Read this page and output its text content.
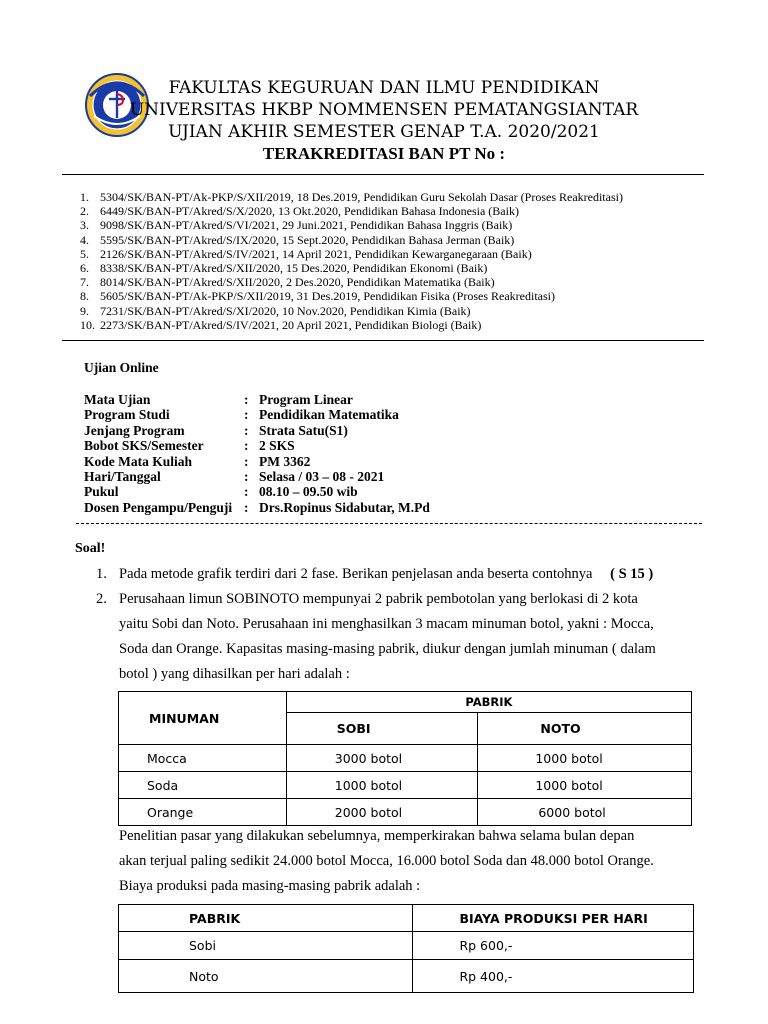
FAKULTAS KEGURUAN DAN ILMU PENDIDIKAN
UNIVERSITAS HKBP NOMMENSEN PEMATANGSIANTAR
UJIAN AKHIR SEMESTER GENAP T.A. 2020/2021
TERAKREDITASI BAN PT No :
1. 5304/SK/BAN-PT/Ak-PKP/S/XII/2019, 18 Des.2019, Pendidikan Guru Sekolah Dasar (Proses Reakreditasi)
2. 6449/SK/BAN-PT/Akred/S/X/2020, 13 Okt.2020, Pendidikan Bahasa Indonesia (Baik)
3. 9098/SK/BAN-PT/Akred/S/VI/2021, 29 Juni.2021, Pendidikan Bahasa Inggris (Baik)
4. 5595/SK/BAN-PT/Akred/S/IX/2020, 15 Sept.2020, Pendidikan Bahasa Jerman (Baik)
5. 2126/SK/BAN-PT/Akred/S/IV/2021, 14 April 2021, Pendidikan Kewarganegaraan (Baik)
6. 8338/SK/BAN-PT/Akred/S/XII/2020, 15 Des.2020, Pendidikan Ekonomi (Baik)
7. 8014/SK/BAN-PT/Akred/S/XII/2020, 2 Des.2020, Pendidikan Matematika (Baik)
8. 5605/SK/BAN-PT/Ak-PKP/S/XII/2019, 31 Des.2019, Pendidikan Fisika (Proses Reakreditasi)
9. 7231/SK/BAN-PT/Akred/S/XI/2020, 10 Nov.2020, Pendidikan Kimia (Baik)
10. 2273/SK/BAN-PT/Akred/S/IV/2021, 20 April 2021, Pendidikan Biologi (Baik)
Ujian Online
Mata Ujian	: Program Linear
Program Studi	: Pendidikan Matematika
Jenjang Program	: Strata Satu(S1)
Bobot SKS/Semester	: 2 SKS
Kode Mata Kuliah	: PM 3362
Hari/Tanggal	: Selasa / 03 – 08 - 2021
Pukul	: 08.10 – 09.50 wib
Dosen Pengampu/Penguji : Drs.Ropinus Sidabutar, M.Pd
Soal!
1. Pada metode grafik terdiri dari 2 fase. Berikan penjelasan anda beserta contohnya ( S 15 )
2. Perusahaan limun SOBINOTO mempunyai 2 pabrik pembotolan yang berlokasi di 2 kota
yaitu Sobi dan Noto. Perusahaan ini menghasilkan 3 macam minuman botol, yakni : Mocca,
Soda dan Orange. Kapasitas masing-masing pabrik, diukur dengan jumlah minuman ( dalam
botol ) yang dihasilkan per hari adalah :
MINUMAN	PABRIK	
	SOBI	NOTO
Mocca	3000 botol	1000 botol
Soda	1000 botol	1000 botol
Orange	2000 botol	6000 botol
Penelitian pasar yang dilakukan sebelumnya, memperkirakan bahwa selama bulan depan
akan terjual paling sedikit 24.000 botol Mocca, 16.000 botol Soda dan 48.000 botol Orange.
Biaya produksi pada masing-masing pabrik adalah :
PABRIK	BIAYA PRODUKSI PER HARI
Sobi	Rp 600,-
Noto	Rp 400,-
